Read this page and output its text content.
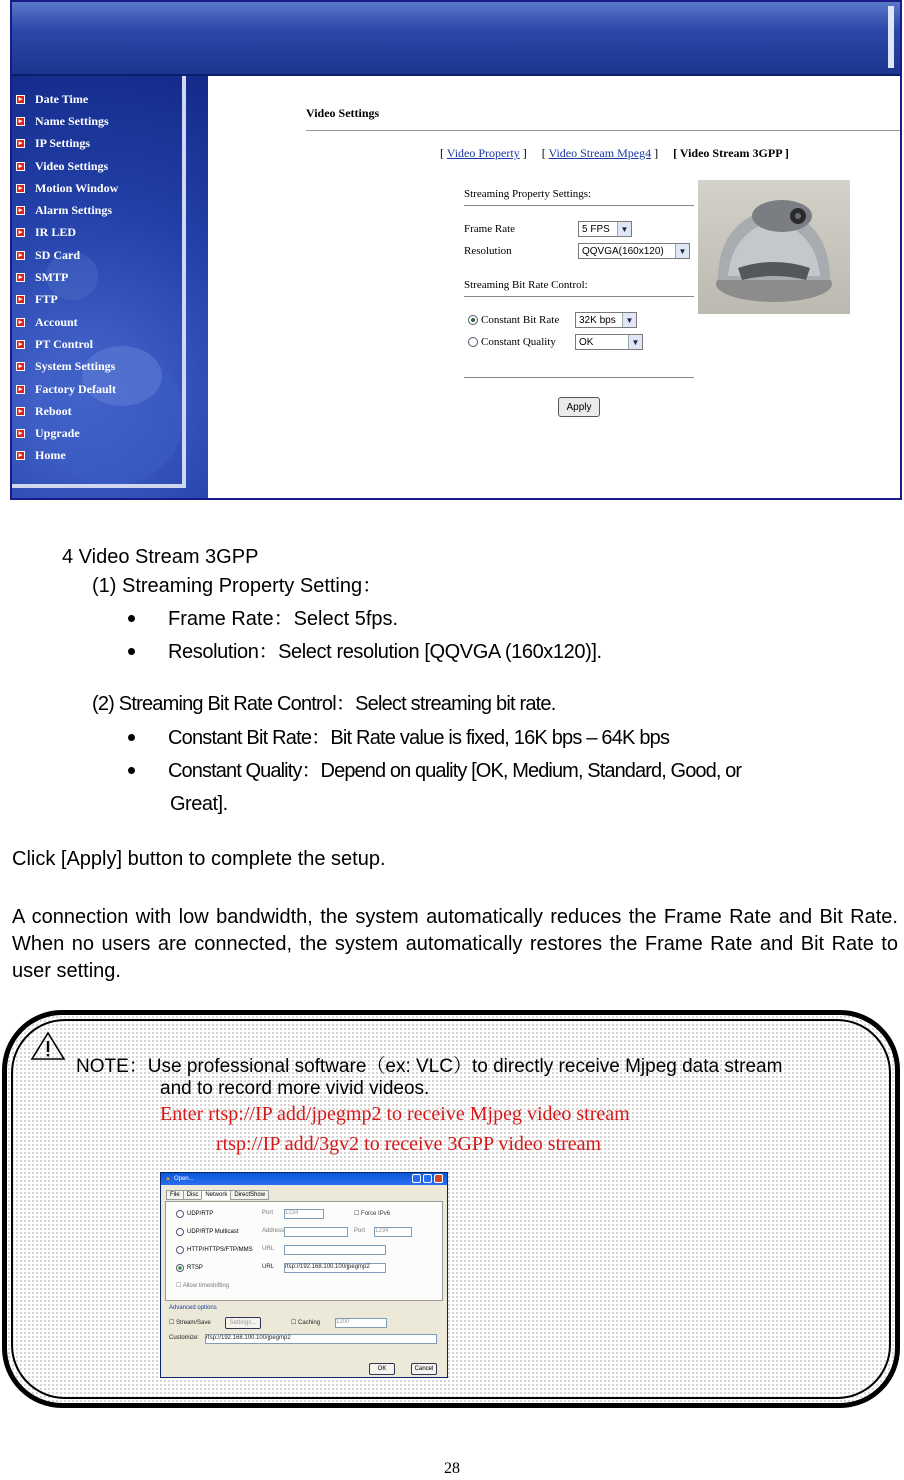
▸ Date Time
▸ Name Settings
▸ IP Settings
▸ Video Settings
▸ Motion Window
▸ Alarm Settings
▸ IR LED
▸ SD Card
▸ SMTP
▸ FTP
▸ Account
▸ PT Control
▸ System Settings
▸ Factory Default
▸ Reboot
▸ Upgrade
▸ Home
Video Settings
[ Video Property ]     [ Video Stream Mpeg4 ]     [ Video Stream 3GPP ]
Streaming Property Settings:
Frame Rate	5 FPS	▼
Resolution	QQVGA(160x120)	▼
Streaming Bit Rate Control:
Constant Bit Rate	32K bps	▼
Constant Quality	OK	▼
Apply
4 Video Stream 3GPP
(1) Streaming Property Setting：
Frame Rate：Select 5fps.
Resolution：Select resolution [QQVGA (160x120)].
(2) Streaming Bit Rate Control：Select streaming bit rate.
Constant Bit Rate：Bit Rate value is fixed, 16K bps – 64K bps
Constant Quality：Depend on quality [OK, Medium, Standard, Good, or
Great].
Click [Apply] button to complete the setup.
A connection with low bandwidth, the system automatically reduces the Frame Rate and Bit Rate. When no users are connected, the system automatically restores the Frame Rate and Bit Rate to user setting.
NOTE：Use professional software（ex: VLC）to directly receive Mjpeg data stream
and to record more vivid videos.
Enter rtsp://IP add/jpegmp2 to receive Mjpeg video stream
rtsp://IP add/3gv2 to receive 3GPP video stream
▲ Open...
File	Disc	Network	DirectShow
UDP/RTP	Port 1234	☐ Force IPv6
UDP/RTP Multicast	Address	Port 1234
HTTP/HTTPS/FTP/MMS URL
RTSP	URL rtsp://192.168.100.100/jpegmp2
☐ Allow timeshifting
Advanced options
☐ Stream/Save	Settings...	☐ Caching	1200
Customize: rtsp://192.168.100.100/jpegmp2
OK	Cancel
28
